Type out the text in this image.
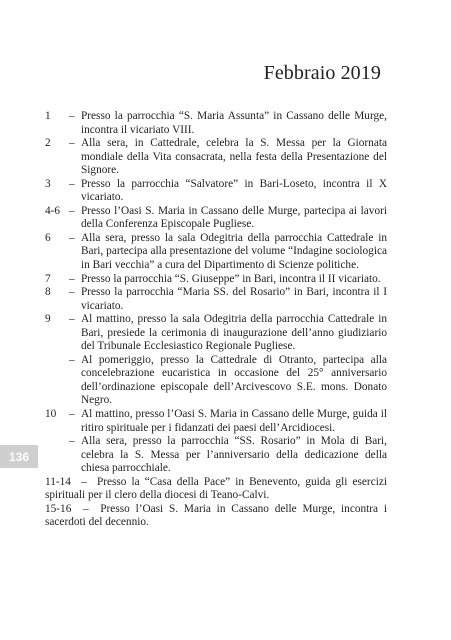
Febbraio 2019
1 – Presso la parrocchia “S. Maria Assunta” in Cassano delle Murge, incontra il vicariato VIII.
2 – Alla sera, in Cattedrale, celebra la S. Messa per la Giornata mondiale della Vita consacrata, nella festa della Presentazione del Signore.
3 – Presso la parrocchia “Salvatore” in Bari-Loseto, incontra il X vicariato.
4-6 – Presso l’Oasi S. Maria in Cassano delle Murge, partecipa ai lavori della Conferenza Episcopale Pugliese.
6 – Alla sera, presso la sala Odegitria della parrocchia Cattedrale in Bari, partecipa alla presentazione del volume “Indagine sociologica in Bari vecchia” a cura del Dipartimento di Scienze politiche.
7 – Presso la parrocchia “S. Giuseppe” in Bari, incontra il II vicariato.
8 – Presso la parrocchia “Maria SS. del Rosario” in Bari, incontra il I vicariato.
9 – Al mattino, presso la sala Odegitria della parrocchia Cattedrale in Bari, presiede la cerimonia di inaugurazione dell’anno giudiziario del Tribunale Ecclesiastico Regionale Pugliese.
– Al pomeriggio, presso la Cattedrale di Otranto, partecipa alla concelebrazione eucaristica in occasione del 25° anniversario dell’ordinazione episcopale dell’Arcivescovo S.E. mons. Donato Negro.
10 – Al mattino, presso l’Oasi S. Maria in Cassano delle Murge, guida il ritiro spirituale per i fidanzati dei paesi dell’Arcidiocesi.
– Alla sera, presso la parrocchia “SS. Rosario” in Mola di Bari, celebra la S. Messa per l’anniversario della dedicazione della chiesa parrocchiale.
11-14 – Presso la “Casa della Pace” in Benevento, guida gli esercizi spirituali per il clero della diocesi di Teano-Calvi.
15-16 – Presso l’Oasi S. Maria in Cassano delle Murge, incontra i sacerdoti del decennio.
136
